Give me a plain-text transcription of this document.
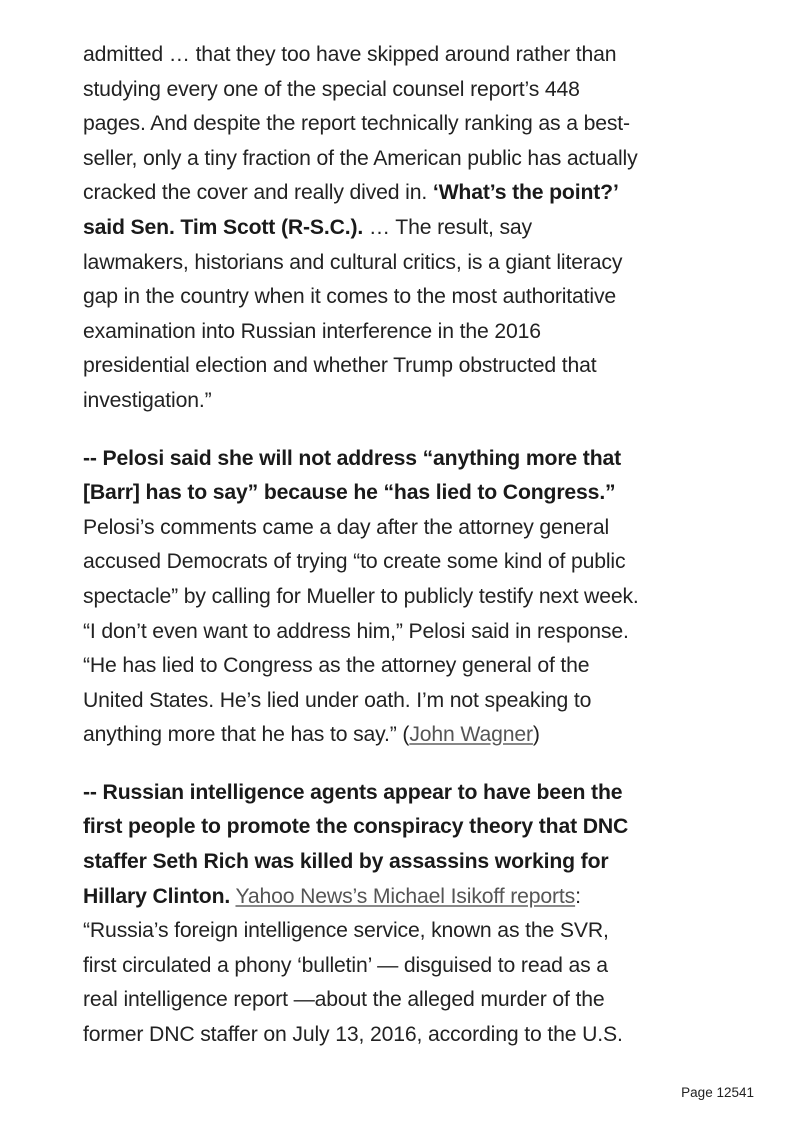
admitted … that they too have skipped around rather than
studying every one of the special counsel report’s 448
pages. And despite the report technically ranking as a best-
seller, only a tiny fraction of the American public has actually
cracked the cover and really dived in. ‘What’s the point?’
said Sen. Tim Scott (R-S.C.). … The result, say
lawmakers, historians and cultural critics, is a giant literacy
gap in the country when it comes to the most authoritative
examination into Russian interference in the 2016
presidential election and whether Trump obstructed that
investigation.”

-- Pelosi said she will not address “anything more that
[Barr] has to say” because he “has lied to Congress.”
Pelosi’s comments came a day after the attorney general
accused Democrats of trying “to create some kind of public
spectacle” by calling for Mueller to publicly testify next week.
“I don’t even want to address him,” Pelosi said in response.
“He has lied to Congress as the attorney general of the
United States. He’s lied under oath. I’m not speaking to
anything more that he has to say.” (John Wagner)

-- Russian intelligence agents appear to have been the
first people to promote the conspiracy theory that DNC
staffer Seth Rich was killed by assassins working for
Hillary Clinton. Yahoo News’s Michael Isikoff reports:
“Russia’s foreign intelligence service, known as the SVR,
first circulated a phony ‘bulletin’ — disguised to read as a
real intelligence report —about the alleged murder of the
former DNC staffer on July 13, 2016, according to the U.S.

Page 12541
